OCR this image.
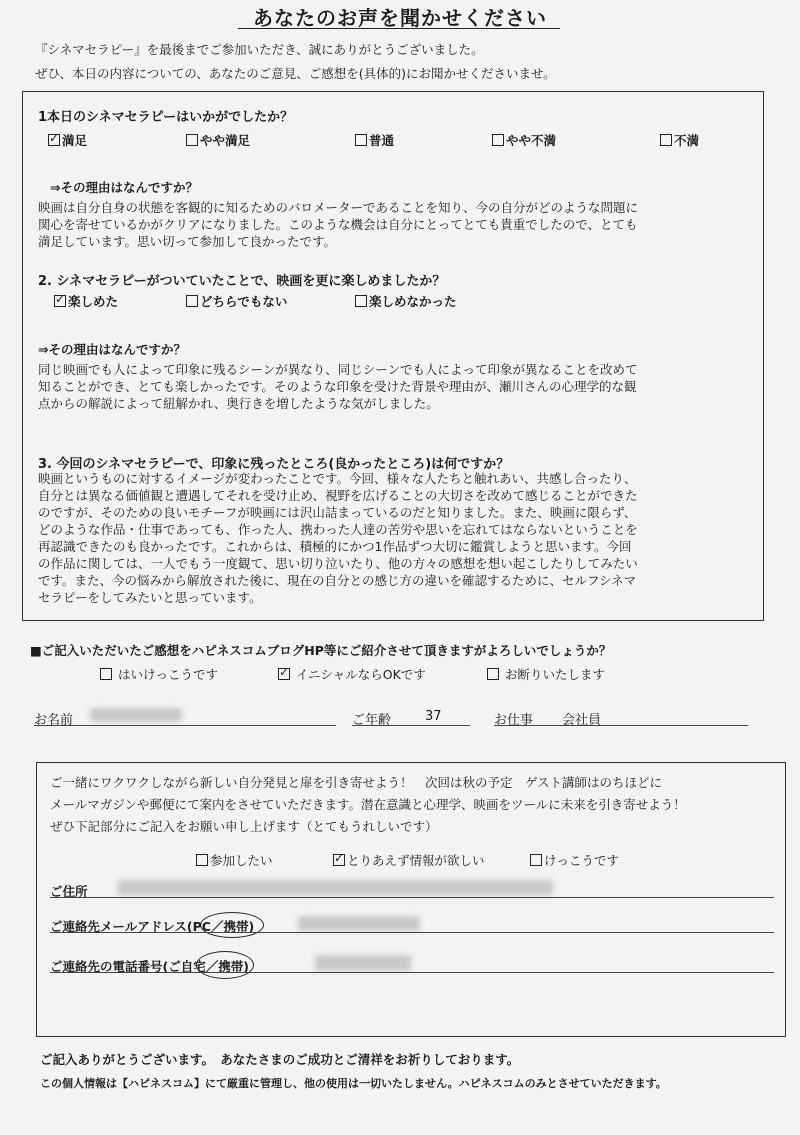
あなたのお声を聞かせください
『シネマセラピー』を最後までご参加いただき、誠にありがとうございました。
ぜひ、本日の内容についての、あなたのご意見、ご感想を(具体的)にお聞かせくださいませ。
1本日のシネマセラピーはいかがでしたか？
✓満足	やや満足	普通	やや不満	不満
⇒その理由はなんですか？
映画は自分自身の状態を客観的に知るためのバロメーターであることを知り、今の自分がどのような問題に
関心を寄せているかがクリアになりました。このような機会は自分にとってとても貴重でしたので、とても
満足しています。思い切って参加して良かったです。
2. シネマセラピーがついていたことで、映画を更に楽しめましたか？
✓楽しめた	どちらでもない	楽しめなかった
⇒その理由はなんですか？
同じ映画でも人によって印象に残るシーンが異なり、同じシーンでも人によって印象が異なることを改めて
知ることができ、とても楽しかったです。そのような印象を受けた背景や理由が、瀬川さんの心理学的な観
点からの解説によって紐解かれ、奥行きを増したような気がしました。
3. 今回のシネマセラピーで、印象に残ったところ(良かったところ)は何ですか？
映画というものに対するイメージが変わったことです。今回、様々な人たちと触れあい、共感し合ったり、
自分とは異なる価値観と遭遇してそれを受け止め、視野を広げることの大切さを改めて感じることができた
のですが、そのための良いモチーフが映画には沢山詰まっているのだと知りました。また、映画に限らず、
どのような作品・仕事であっても、作った人、携わった人達の苦労や思いを忘れてはならないということを
再認識できたのも良かったです。これからは、積極的にかつ1作品ずつ大切に鑑賞しようと思います。今回
の作品に関しては、一人でもう一度観て、思い切り泣いたり、他の方々の感想を想い起こしたりしてみたい
です。また、今の悩みから解放された後に、現在の自分との感じ方の違いを確認するために、セルフシネマ
セラピーをしてみたいと思っています。
■ご記入いただいたご感想をハピネスコムブログHP等にご紹介させて頂きますがよろしいでしょうか？
はいけっこうです ✓	イニシャルならOKです	お断りいたします
お名前	ご年齢	37	お仕事 会社員
ご一緒にワクワクしながら新しい自分発見と扉を引き寄せよう！　次回は秋の予定　ゲスト講師はのちほどに
メールマガジンや郵便にて案内をさせていただきます。潜在意識と心理学、映画をツールに未来を引き寄せよう！
ぜひ下記部分にご記入をお願い申し上げます（とてもうれしいです）
参加したい ✓	とりあえず情報が欲しい	けっこうです
ご住所
ご連絡先メールアドレス(PC／携帯)
ご連絡先の電話番号(ご自宅／携帯)
ご記入ありがとうございます。　あなたさまのご成功とご清祥をお祈りしております。
この個人情報は【ハピネスコム】にて厳重に管理し、他の使用は一切いたしません。ハピネスコムのみとさせていただきます。
